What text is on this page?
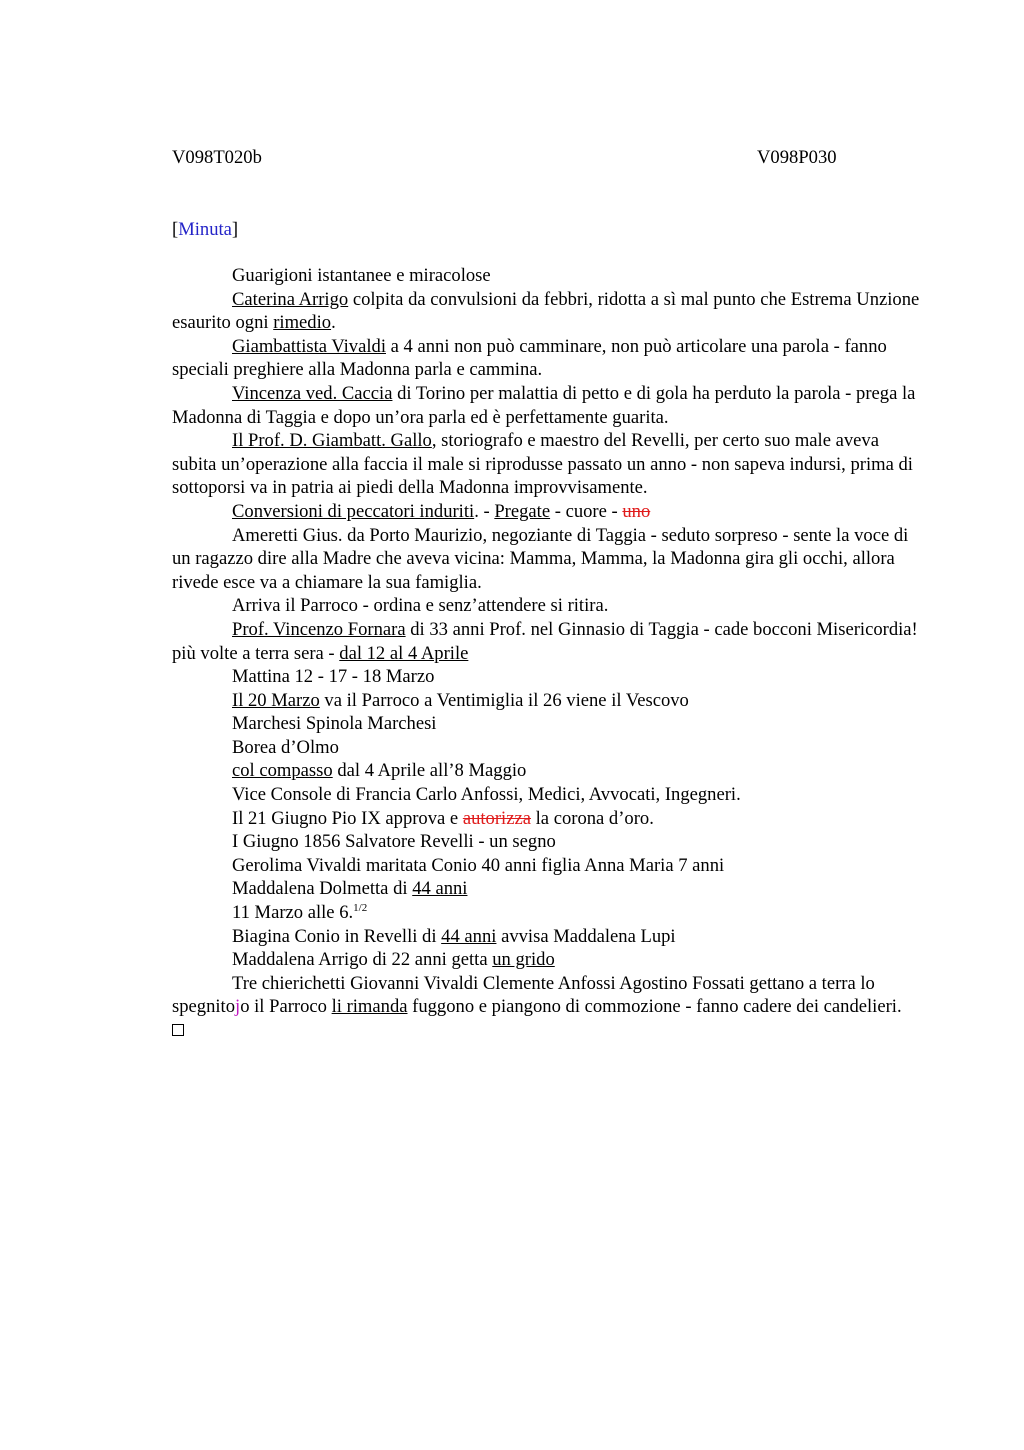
V098T020b	V098P030
[Minuta]

Guarigioni istantanee e miracolose

Caterina Arrigo colpita da convulsioni da febbri, ridotta a sì mal punto che Estrema Unzione esaurito ogni rimedio.

Giambattista Vivaldi a 4 anni non può camminare, non può articolare una parola - fanno speciali preghiere alla Madonna parla e cammina.

Vincenza ved. Caccia di Torino per malattia di petto e di gola ha perduto la parola - prega la Madonna di Taggia e dopo un’ora parla ed è perfettamente guarita.

Il Prof. D. Giambatt. Gallo, storiografo e maestro del Revelli, per certo suo male aveva subita un’operazione alla faccia il male si riprodusse passato un anno - non sapeva indursi, prima di sottoporsi va in patria ai piedi della Madonna improvvisamente.

Conversioni di peccatori induriti. - Pregate - cuore - uno

Ameretti Gius. da Porto Maurizio, negoziante di Taggia - seduto sorpreso - sente la voce di un ragazzo dire alla Madre che aveva vicina: Mamma, Mamma, la Madonna gira gli occhi, allora rivede esce va a chiamare la sua famiglia.

Arriva il Parroco - ordina e senz’attendere si ritira.

Prof. Vincenzo Fornara di 33 anni Prof. nel Ginnasio di Taggia - cade bocconi Misericordia! più volte a terra sera - dal 12 al 4 Aprile

Mattina 12 - 17 - 18 Marzo

Il 20 Marzo va il Parroco a Ventimiglia il 26 viene il Vescovo

Marchesi Spinola Marchesi

Borea d’Olmo

col compasso dal 4 Aprile all’8 Maggio

Vice Console di Francia Carlo Anfossi, Medici, Avvocati, Ingegneri.

Il 21 Giugno Pio IX approva e autorizza la corona d’oro.

I Giugno 1856 Salvatore Revelli - un segno

Gerolima Vivaldi maritata Conio 40 anni figlia Anna Maria 7 anni

Maddalena Dolmetta di 44 anni

11 Marzo alle 6.$^{1/2}$

Biagina Conio in Revelli di 44 anni avvisa Maddalena Lupi

Maddalena Arrigo di 22 anni getta un grido

Tre chierichetti Giovanni Vivaldi Clemente Anfossi Agostino Fossati gettano a terra lo spegnitojo il Parroco li rimanda fuggono e piangono di commozione - fanno cadere dei candelieri.
